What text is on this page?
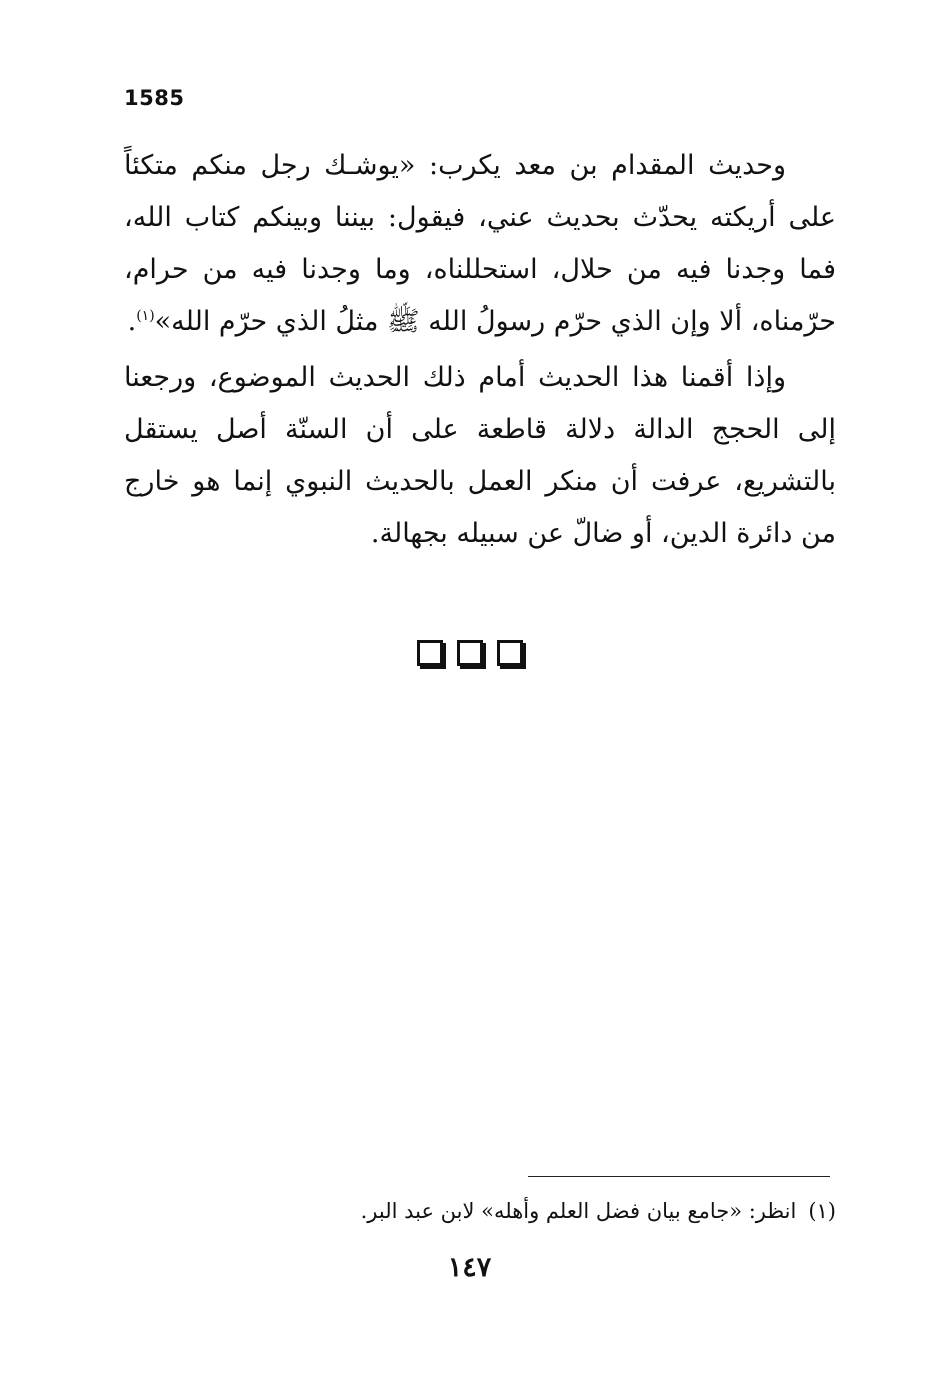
1585

وحديث المقدام بن معد يكرب: «يوشـك رجل منكم متكئاً على أريكته يحدّث بحديث عني، فيقول: بيننا وبينكم كتاب الله، فما وجدنا فيه من حلال، استحللناه، وما وجدنا فيه من حرام، حرّمناه، ألا وإن الذي حرّم رسولُ الله ﷺ مثلُ الذي حرّم الله»$^{(١)}$.

وإذا أقمنا هذا الحديث أمام ذلك الحديث الموضوع، ورجعنا إلى الحجج الدالة دلالة قاطعة على أن السنّة أصل يستقل بالتشريع، عرفت أن منكر العمل بالحديث النبوي إنما هو خارج من دائرة الدين، أو ضالّ عن سبيله بجهالة.

(١)انظر: «جامع بيان فضل العلم وأهله» لابن عبد البر.
١٤٧
